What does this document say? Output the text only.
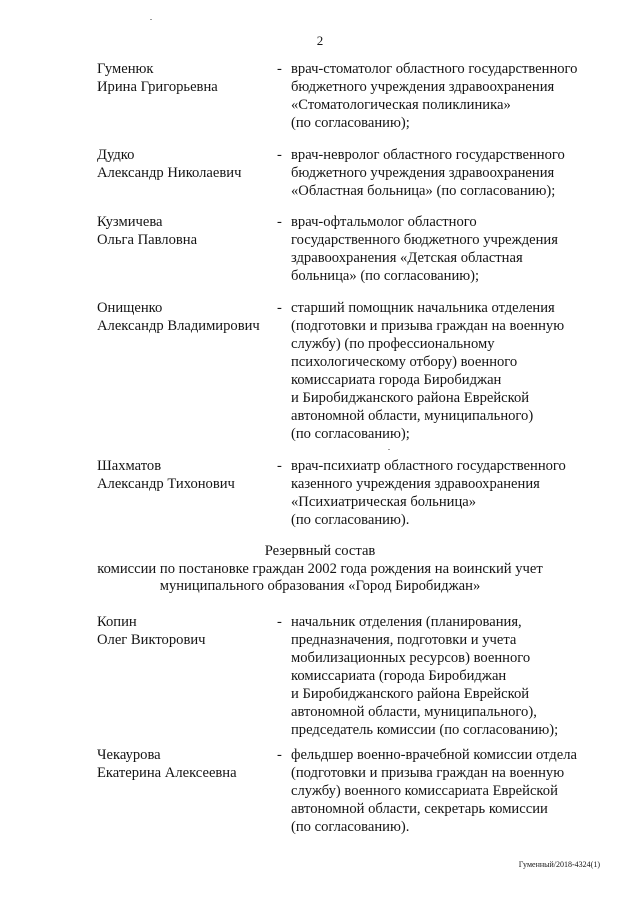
2
Гуменюк
Ирина Григорьевна
- врач-стоматолог областного государственного
бюджетного учреждения здравоохранения
«Стоматологическая поликлиника»
(по согласованию);
Дудко
Александр Николаевич
- врач-невролог областного государственного
бюджетного учреждения здравоохранения
«Областная больница» (по согласованию);
Кузмичева
Ольга Павловна
- врач-офтальмолог областного
государственного бюджетного учреждения
здравоохранения «Детская областная
больница» (по согласованию);
Онищенко
Александр Владимирович
- старший помощник начальника отделения
(подготовки и призыва граждан на военную
службу) (по профессиональному
психологическому отбору) военного
комиссариата города Биробиджан
и Биробиджанского района Еврейской
автономной области, муниципального)
(по согласованию);
Шахматов
Александр Тихонович
- врач-психиатр областного государственного
казенного учреждения здравоохранения
«Психиатрическая больница»
(по согласованию).
Резервный состав
комиссии по постановке граждан 2002 года рождения на воинский учет
муниципального образования «Город Биробиджан»
Копин
Олег Викторович
- начальник отделения (планирования,
предназначения, подготовки и учета
мобилизационных ресурсов) военного
комиссариата (города Биробиджан
и Биробиджанского района Еврейской
автономной области, муниципального),
председатель комиссии (по согласованию);
Чекаурова
Екатерина Алексеевна
- фельдшер военно-врачебной комиссии отдела
(подготовки и призыва граждан на военную
службу) военного комиссариата Еврейской
автономной области, секретарь комиссии
(по согласованию).
Гуменный/2018-4324(1)
